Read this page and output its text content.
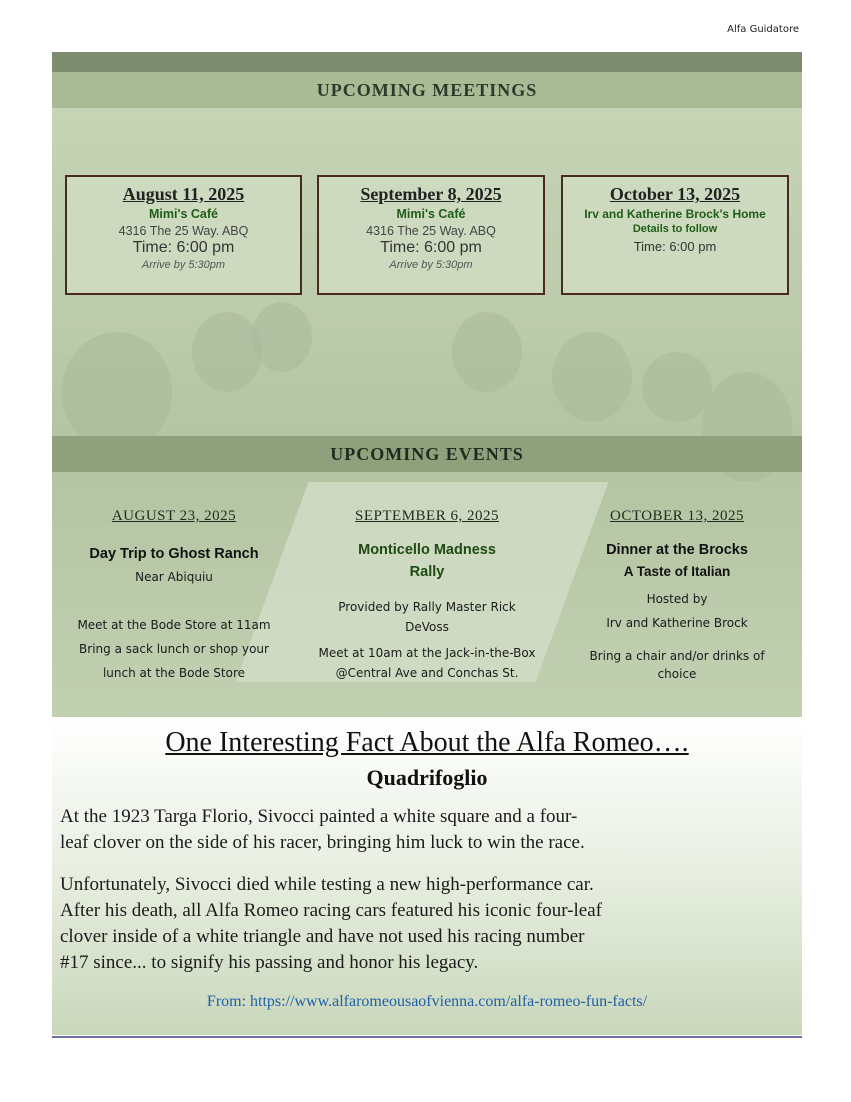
Alfa Guidatore
UPCOMING MEETINGS
August 11, 2025
Mimi's Café
4316 The 25 Way. ABQ
Time: 6:00 pm
Arrive by 5:30pm
September 8, 2025
Mimi's Café
4316 The 25 Way. ABQ
Time: 6:00 pm
Arrive by 5:30pm
October 13, 2025
Irv and Katherine Brock's Home
Details to follow
Time: 6:00 pm
UPCOMING EVENTS
AUGUST 23, 2025
Day Trip to Ghost Ranch
Near Abiquiu
Meet at the Bode Store at 11am
Bring a sack lunch or shop your
lunch at the Bode Store
SEPTEMBER 6, 2025
Monticello Madness
Rally
Provided by Rally Master Rick
DeVoss
Meet at 10am at the Jack-in-the-Box
@Central Ave and Conchas St.
OCTOBER 13, 2025
Dinner at the Brocks
A Taste of Italian
Hosted by
Irv and Katherine Brock
Bring a chair and/or drinks of
choice
One Interesting Fact About the Alfa Romeo….
Quadrifoglio
At the 1923 Targa Florio, Sivocci painted a white square and a four-
leaf clover on the side of his racer, bringing him luck to win the race.
Unfortunately, Sivocci died while testing a new high-performance car.
After his death, all Alfa Romeo racing cars featured his iconic four-leaf
clover inside of a white triangle and have not used his racing number
#17 since... to signify his passing and honor his legacy.
From: https://www.alfaromeousaofvienna.com/alfa-romeo-fun-facts/
